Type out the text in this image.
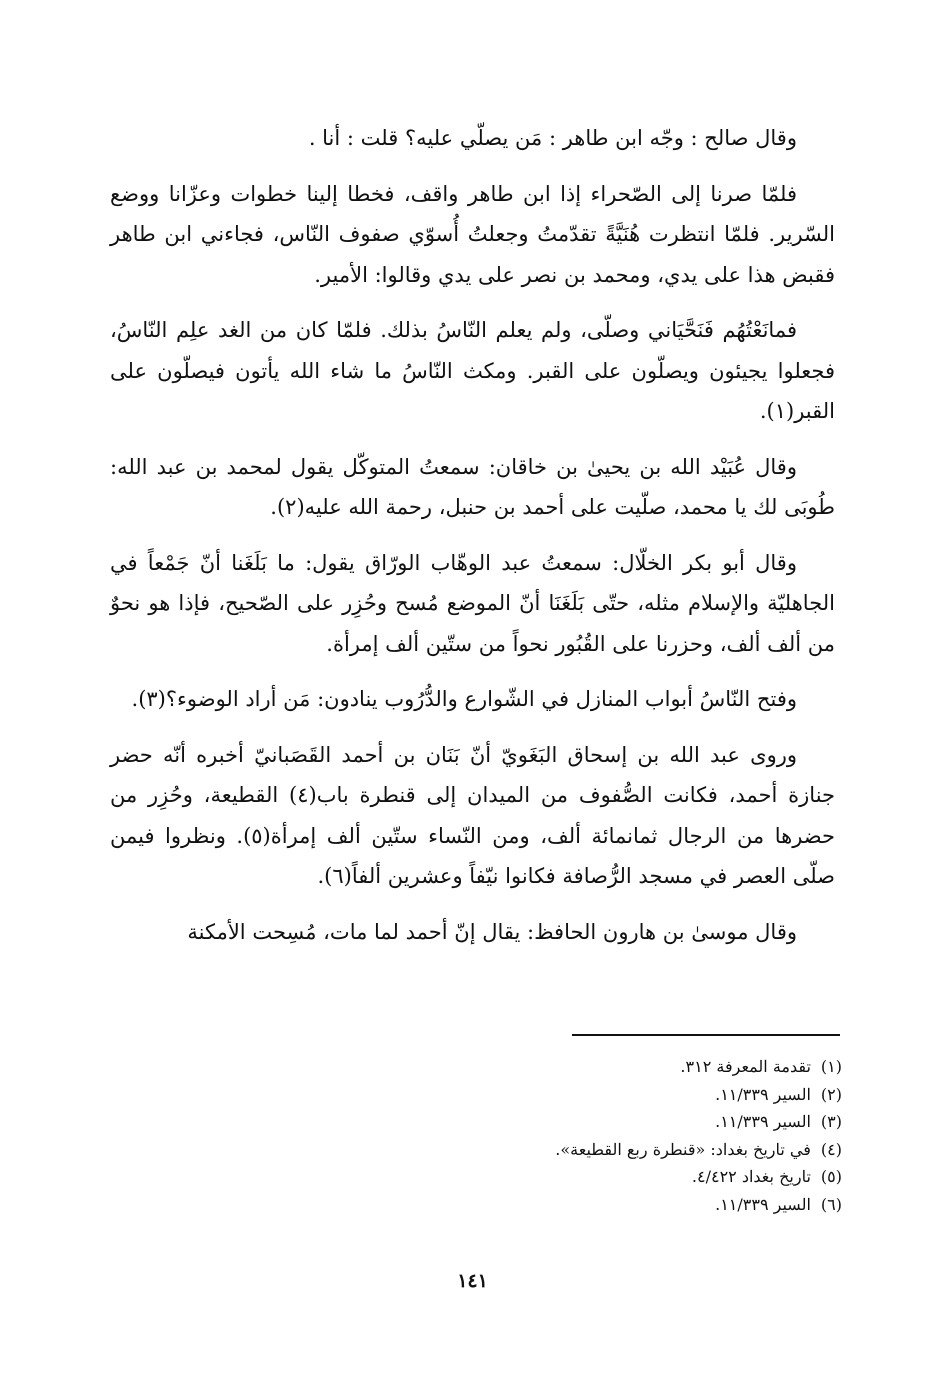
وقال صالح : وجّه ابن طاهر : مَن يصلّي عليه؟ قلت : أنا .

فلمّا صرنا إلى الصّحراء إذا ابن طاهر واقف، فخطا إلينا خطوات وعزّانا ووضع السّرير. فلمّا انتظرت هُنَيَّةً تقدّمتُ وجعلتُ أُسوّي صفوف النّاس، فجاءني ابن طاهر فقبض هذا على يدي، ومحمد بن نصر على يدي وقالوا: الأمير.

فمانَعْتُهُم فَنَحَّيَاني وصلّى، ولم يعلم النّاسُ بذلك. فلمّا كان من الغد علِم النّاسُ، فجعلوا يجيئون ويصلّون على القبر. ومكث النّاسُ ما شاء الله يأتون فيصلّون على القبر(١).

وقال عُبَيْد الله بن يحيىٰ بن خاقان: سمعتُ المتوكّل يقول لمحمد بن عبد الله: طُوبَى لك يا محمد، صلّيت على أحمد بن حنبل، رحمة الله عليه(٢).

وقال أبو بكر الخلّال: سمعتُ عبد الوهّاب الورّاق يقول: ما بَلَغَنا أنّ جَمْعاً في الجاهليّة والإسلام مثله، حتّى بَلَغَنَا أنّ الموضع مُسح وحُزِر على الصّحيح، فإذا هو نحوٌ من ألف ألف، وحزرنا على القُبُور نحواً من ستّين ألف إمرأة.

وفتح النّاسُ أبواب المنازل في الشّوارع والدُّرُوب ينادون: مَن أراد الوضوء؟(٣).

وروى عبد الله بن إسحاق البَغَويّ أنّ بَنَان بن أحمد القَصَبانيّ أخبره أنّه حضر جنازة أحمد، فكانت الصُّفوف من الميدان إلى قنطرة باب(٤) القطيعة، وحُزِر من حضرها من الرجال ثمانمائة ألف، ومن النّساء ستّين ألف إمرأة(٥). ونظروا فيمن صلّى العصر في مسجد الرُّصافة فكانوا نيّفاً وعشرين ألفاً(٦).

وقال موسىٰ بن هارون الحافظ: يقال إنّ أحمد لما مات، مُسِحت الأمكنة

(١)تقدمة المعرفة ٣١٢.
(٢)السير ١١/٣٣٩.
(٣)السير ١١/٣٣٩.
(٤)في تاريخ بغداد: «قنطرة ربع القطيعة».
(٥)تاريخ بغداد ٤/٤٢٢.
(٦)السير ١١/٣٣٩.
١٤١
